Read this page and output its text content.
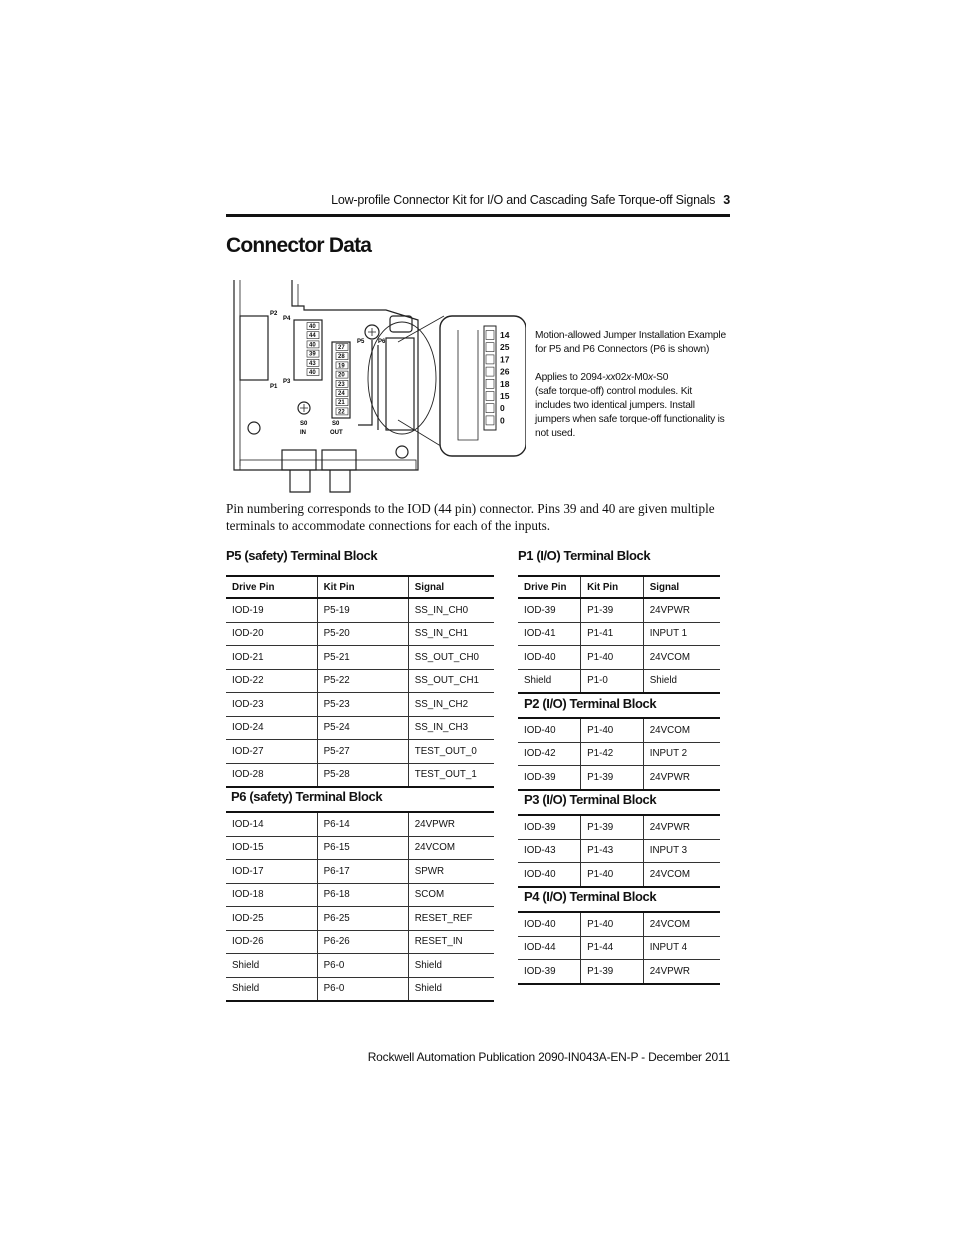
Low-profile Connector Kit for I/O and Cascading Safe Torque-off Signals 3
Connector Data
40
44
40
39
43
40
27
28
19
20
23
24
21
22
14
25
17
26
18
15
0
0
P2
P4
P1
P3
P5 P6
S0
IN
S0
OUT

Motion-allowed Jumper Installation Example for P5 and P6 Connectors (P6 is shown)

Applies to 2094-xx02x-M0x-S0
(safe torque-off) control modules. Kit includes two identical jumpers. Install jumpers when safe torque-off functionality is not used.

Pin numbering corresponds to the IOD (44 pin) connector. Pins 39 and 40 are given multiple terminals to accommodate connections for each of the inputs.
P5 (safety) Terminal Block
Drive Pin	Kit Pin	Signal
IOD-19	P5-19	SS_IN_CH0
IOD-20	P5-20	SS_IN_CH1
IOD-21	P5-21	SS_OUT_CH0
IOD-22	P5-22	SS_OUT_CH1
IOD-23	P5-23	SS_IN_CH2
IOD-24	P5-24	SS_IN_CH3
IOD-27	P5-27	TEST_OUT_0
IOD-28	P5-28	TEST_OUT_1
P6 (safety) Terminal Block
IOD-14	P6-14	24VPWR
IOD-15	P6-15	24VCOM
IOD-17	P6-17	SPWR
IOD-18	P6-18	SCOM
IOD-25	P6-25	RESET_REF
IOD-26	P6-26	RESET_IN
Shield	P6-0	Shield
Shield	P6-0	Shield
P1 (I/O) Terminal Block
Drive Pin	Kit Pin	Signal
IOD-39	P1-39	24VPWR
IOD-41	P1-41	INPUT 1
IOD-40	P1-40	24VCOM
Shield	P1-0	Shield
P2 (I/O) Terminal Block
IOD-40	P1-40	24VCOM
IOD-42	P1-42	INPUT 2
IOD-39	P1-39	24VPWR
P3 (I/O) Terminal Block
IOD-39	P1-39	24VPWR
IOD-43	P1-43	INPUT 3
IOD-40	P1-40	24VCOM
P4 (I/O) Terminal Block
IOD-40	P1-40	24VCOM
IOD-44	P1-44	INPUT 4
IOD-39	P1-39	24VPWR
Rockwell Automation Publication 2090-IN043A-EN-P - December 2011
